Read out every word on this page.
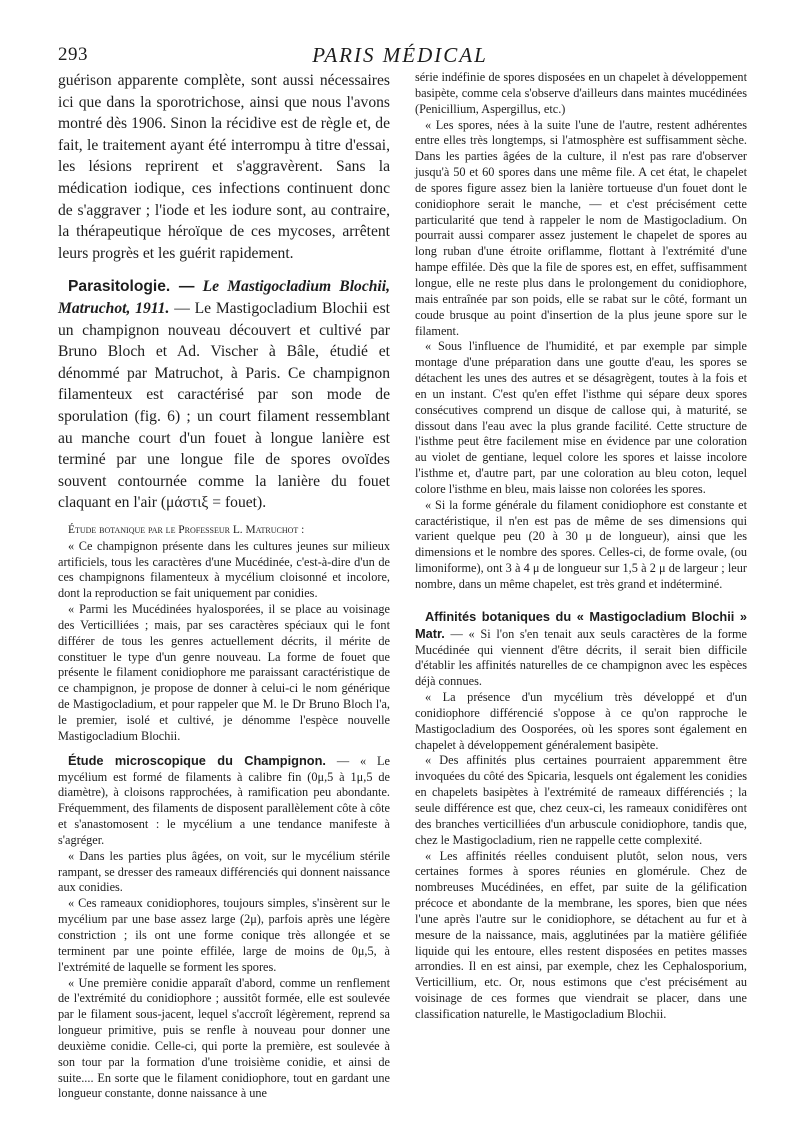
293	PARIS MÉDICAL

guérison apparente complète, sont aussi nécessaires ici que dans la sporotrichose, ainsi que nous l'avons montré dès 1906. Sinon la récidive est de règle et, de fait, le traitement ayant été interrompu à titre d'essai, les lésions reprirent et s'aggravèrent. Sans la médication iodique, ces infections continuent donc de s'aggraver ; l'iode et les iodure sont, au contraire, la thérapeutique héroïque de ces mycoses, arrêtent leurs progrès et les guérit rapidement.

Parasitologie. — Le Mastigocladium Blochii, Matruchot, 1911. — Le Mastigocladium Blochii est un champignon nouveau découvert et cultivé par Bruno Bloch et Ad. Vischer à Bâle, étudié et dénommé par Matruchot, à Paris. Ce champignon filamenteux est caractérisé par son mode de sporulation (fig. 6) ; un court filament ressemblant au manche court d'un fouet à longue lanière est terminé par une longue file de spores ovoïdes souvent contournée comme la lanière du fouet claquant en l'air (μάστιξ = fouet).

Étude botanique par le Professeur L. Matruchot :

« Ce champignon présente dans les cultures jeunes sur milieux artificiels, tous les caractères d'une Mucédinée, c'est-à-dire d'un de ces champignons filamenteux à mycélium cloisonné et incolore, dont la reproduction se fait uniquement par conidies.

« Parmi les Mucédinées hyalosporées, il se place au voisinage des Verticilliées ; mais, par ses caractères spéciaux qui le font différer de tous les genres actuellement décrits, il mérite de constituer le type d'un genre nouveau. La forme de fouet que présente le filament conidiophore me paraissant caractéristique de ce champignon, je propose de donner à celui-ci le nom générique de Mastigocladium, et pour rappeler que M. le Dr Bruno Bloch l'a, le premier, isolé et cultivé, je dénomme l'espèce nouvelle Mastigocladium Blochii.

Étude microscopique du Champignon. — « Le mycélium est formé de filaments à calibre fin (0μ,5 à 1μ,5 de diamètre), à cloisons rapprochées, à ramification peu abondante. Fréquemment, des filaments de disposent parallèlement côte à côte et s'anastomosent : le mycélium a une tendance manifeste à s'agréger.

« Dans les parties plus âgées, on voit, sur le mycélium stérile rampant, se dresser des rameaux différenciés qui donnent naissance aux conidies.

« Ces rameaux conidiophores, toujours simples, s'insèrent sur le mycélium par une base assez large (2μ), parfois après une légère constriction ; ils ont une forme conique très allongée et se terminent par une pointe effilée, large de moins de 0μ,5, à l'extrémité de laquelle se forment les spores.

« Une première conidie apparaît d'abord, comme un renflement de l'extrémité du conidiophore ; aussitôt formée, elle est soulevée par le filament sous-jacent, lequel s'accroît légèrement, reprend sa longueur primitive, puis se renfle à nouveau pour donner une deuxième conidie. Celle-ci, qui porte la première, est soulevée à son tour par la formation d'une troisième conidie, et ainsi de suite.... En sorte que le filament conidiophore, tout en gardant une longueur constante, donne naissance à une

série indéfinie de spores disposées en un chapelet à développement basipète, comme cela s'observe d'ailleurs dans maintes mucédinées (Penicillium, Aspergillus, etc.)

« Les spores, nées à la suite l'une de l'autre, restent adhérentes entre elles très longtemps, si l'atmosphère est suffisamment sèche. Dans les parties âgées de la culture, il n'est pas rare d'observer jusqu'à 50 et 60 spores dans une même file. A cet état, le chapelet de spores figure assez bien la lanière tortueuse d'un fouet dont le conidiophore serait le manche, — et c'est précisément cette particularité que tend à rappeler le nom de Mastigocladium. On pourrait aussi comparer assez justement le chapelet de spores au long ruban d'une étroite oriflamme, flottant à l'extrémité d'une hampe effilée. Dès que la file de spores est, en effet, suffisamment longue, elle ne reste plus dans le prolongement du conidiophore, mais entraînée par son poids, elle se rabat sur le côté, formant un coude brusque au point d'insertion de la plus jeune spore sur le filament.

« Sous l'influence de l'humidité, et par exemple par simple montage d'une préparation dans une goutte d'eau, les spores se détachent les unes des autres et se désagrègent, toutes à la fois et en un instant. C'est qu'en effet l'isthme qui sépare deux spores consécutives comprend un disque de callose qui, à maturité, se dissout dans l'eau avec la plus grande facilité. Cette structure de l'isthme peut être facilement mise en évidence par une coloration au violet de gentiane, lequel colore les spores et laisse incolore l'isthme et, d'autre part, par une coloration au bleu coton, lequel colore l'isthme en bleu, mais laisse non colorées les spores.

« Si la forme générale du filament conidiophore est constante et caractéristique, il n'en est pas de même de ses dimensions qui varient quelque peu (20 à 30 μ de longueur), ainsi que les dimensions et le nombre des spores. Celles-ci, de forme ovale, (ou limoniforme), ont 3 à 4 μ de longueur sur 1,5 à 2 μ de largeur ; leur nombre, dans un même chapelet, est très grand et indéterminé.

Affinités botaniques du « Mastigocladium Blochii » Matr. — « Si l'on s'en tenait aux seuls caractères de la forme Mucédinée qui viennent d'être décrits, il serait bien difficile d'établir les affinités naturelles de ce champignon avec les espèces déjà connues.

« La présence d'un mycélium très développé et d'un conidiophore différencié s'oppose à ce qu'on rapproche le Mastigocladium des Oosporées, où les spores sont également en chapelet à développement généralement basipète.

« Des affinités plus certaines pourraient apparemment être invoquées du côté des Spicaria, lesquels ont également les conidies en chapelets basipètes à l'extrémité de rameaux différenciés ; la seule différence est que, chez ceux-ci, les rameaux conidifères ont des branches verticilliées d'un arbuscule conidiophore, tandis que, chez le Mastigocladium, rien ne rappelle cette complexité.

« Les affinités réelles conduisent plutôt, selon nous, vers certaines formes à spores réunies en glomérule. Chez de nombreuses Mucédinées, en effet, par suite de la gélification précoce et abondante de la membrane, les spores, bien que nées l'une après l'autre sur le conidiophore, se détachent au fur et à mesure de la naissance, mais, agglutinées par la matière gélifiée liquide qui les entoure, elles restent disposées en petites masses arrondies. Il en est ainsi, par exemple, chez les Cephalosporium, Verticillium, etc. Or, nous estimons que c'est précisément au voisinage de ces formes que viendrait se placer, dans une classification naturelle, le Mastigocladium Blochii.
